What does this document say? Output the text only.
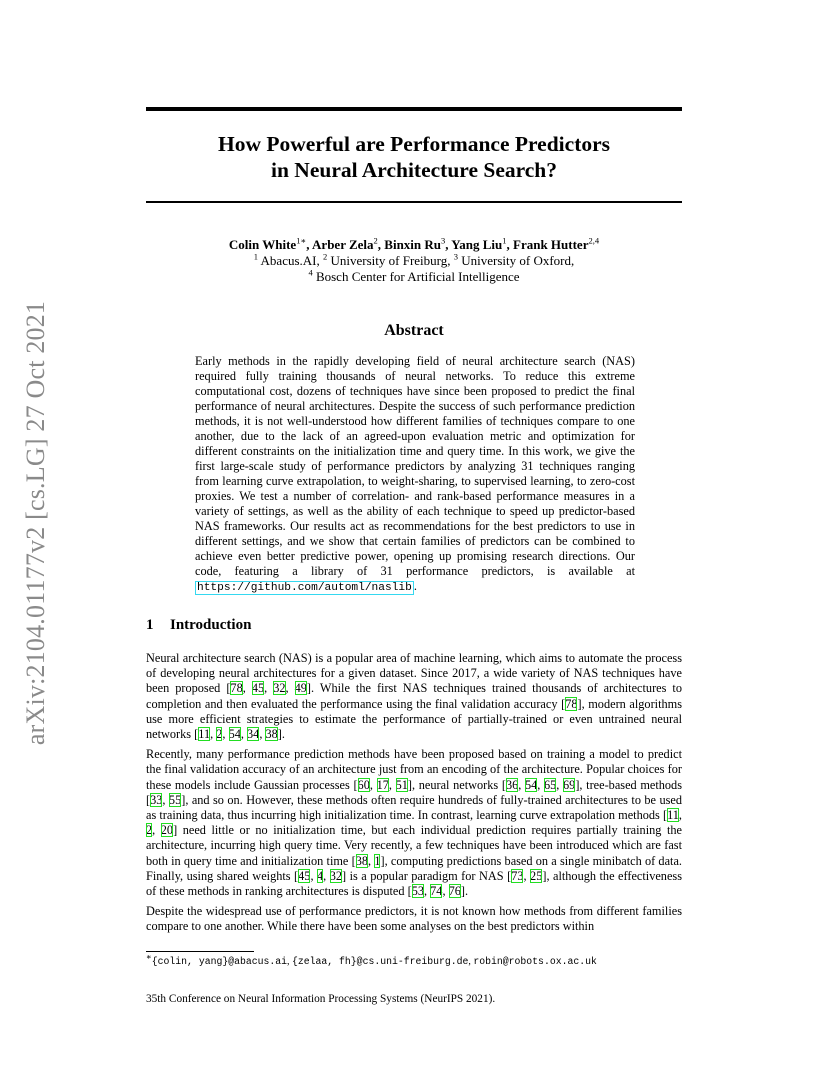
arXiv:2104.01177v2 [cs.LG] 27 Oct 2021
How Powerful are Performance Predictors
in Neural Architecture Search?
Colin White$^{1∗}$, Arber Zela$^2$, Binxin Ru$^3$, Yang Liu$^1$, Frank Hutter$^{2,4}$
$^1$ Abacus.AI, $^2$ University of Freiburg, $^3$ University of Oxford,
$^4$ Bosch Center for Artificial Intelligence
Abstract
Early methods in the rapidly developing field of neural architecture search (NAS) required fully training thousands of neural networks. To reduce this extreme computational cost, dozens of techniques have since been proposed to predict the final performance of neural architectures. Despite the success of such performance prediction methods, it is not well-understood how different families of techniques compare to one another, due to the lack of an agreed-upon evaluation metric and optimization for different constraints on the initialization time and query time. In this work, we give the first large-scale study of performance predictors by analyzing 31 techniques ranging from learning curve extrapolation, to weight-sharing, to supervised learning, to zero-cost proxies. We test a number of correlation- and rank-based performance measures in a variety of settings, as well as the ability of each technique to speed up predictor-based NAS frameworks. Our results act as recommendations for the best predictors to use in different settings, and we show that certain families of predictors can be combined to achieve even better predictive power, opening up promising research directions. Our code, featuring a library of 31 performance predictors, is available at https://github.com/automl/naslib .
1 Introduction

Neural architecture search (NAS) is a popular area of machine learning, which aims to automate the process of developing neural architectures for a given dataset. Since 2017, a wide variety of NAS techniques have been proposed [78, 45, 32, 49]. While the first NAS techniques trained thousands of architectures to completion and then evaluated the performance using the final validation accuracy [78], modern algorithms use more efficient strategies to estimate the performance of partially-trained or even untrained neural networks [11, 2, 54, 34, 38].

Recently, many performance prediction methods have been proposed based on training a model to predict the final validation accuracy of an architecture just from an encoding of the architecture. Popular choices for these models include Gaussian processes [60, 17, 51], neural networks [36, 54, 65, 69], tree-based methods [33, 55], and so on. However, these methods often require hundreds of fully-trained architectures to be used as training data, thus incurring high initialization time. In contrast, learning curve extrapolation methods [11, 2, 20] need little or no initialization time, but each individual prediction requires partially training the architecture, incurring high query time. Very recently, a few techniques have been introduced which are fast both in query time and initialization time [38, 1], computing predictions based on a single minibatch of data. Finally, using shared weights [45, 4, 32] is a popular paradigm for NAS [73, 25], although the effectiveness of these methods in ranking architectures is disputed [53, 74, 76].

Despite the widespread use of performance predictors, it is not known how methods from different families compare to one another. While there have been some analyses on the best predictors within

∗{colin, yang}@abacus.ai, {zelaa, fh}@cs.uni-freiburg.de, robin@robots.ox.ac.uk
35th Conference on Neural Information Processing Systems (NeurIPS 2021).
